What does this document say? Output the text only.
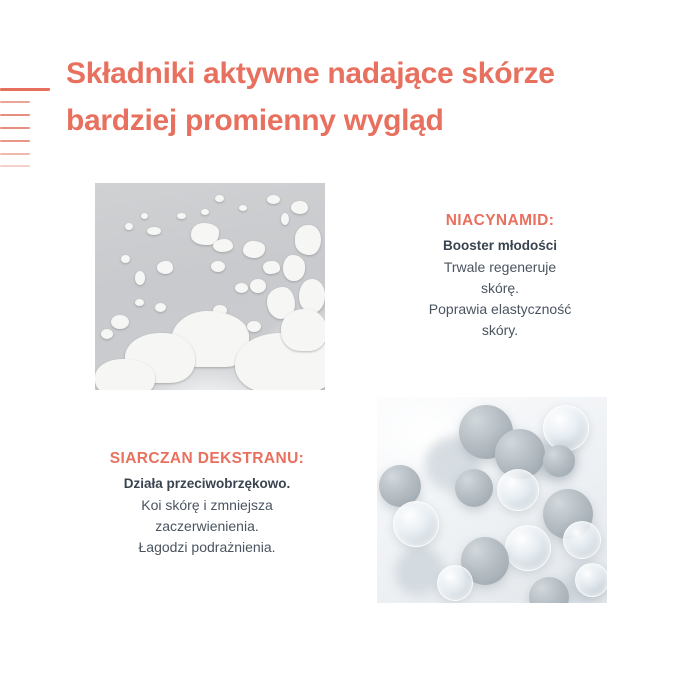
Składniki aktywne nadające skórze
bardziej promienny wygląd
NIACYNAMID:
Booster młodości
Trwale regeneruje
skórę.
Poprawia elastyczność
skóry.
SIARCZAN DEKSTRANU:
Działa przeciwobrzękowo.
Koi skórę i zmniejsza
zaczerwienienia.
Łagodzi podrażnienia.
